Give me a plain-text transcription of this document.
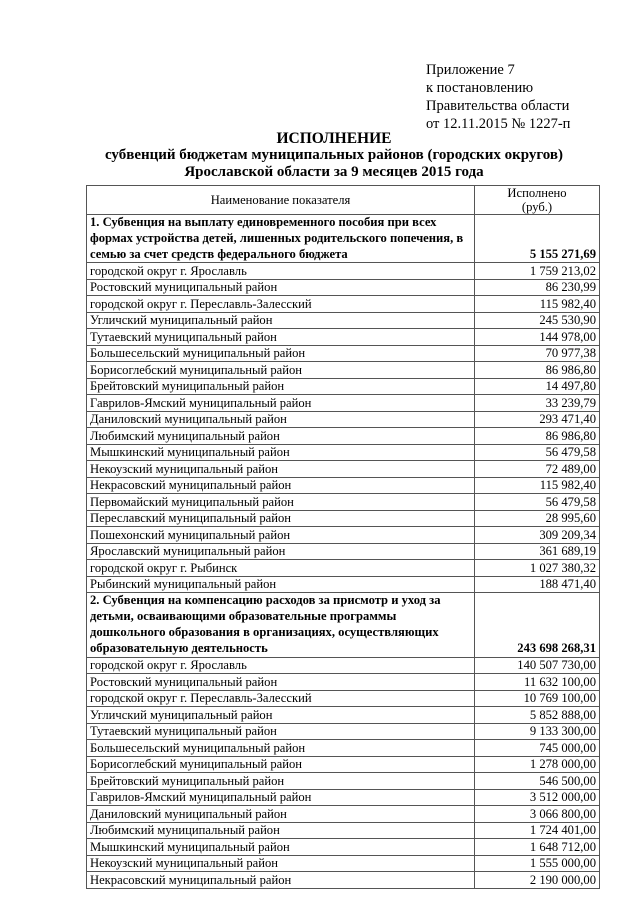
Приложение 7
к постановлению
Правительства области
от 12.11.2015 № 1227-п
ИСПОЛНЕНИЕ
субвенций бюджетам муниципальных районов (городских округов)
Ярославской области за 9 месяцев 2015 года
Наименование показателя	Исполнено
(руб.)
1. Субвенция на выплату единовременного пособия при всех формах устройства детей, лишенных родительского попечения, в семью за счет средств федерального бюджета	5 155 271,69
городской округ г. Ярославль	1 759 213,02
Ростовский муниципальный район	86 230,99
городской округ г. Переславль-Залесский	115 982,40
Угличский муниципальный район	245 530,90
Тутаевский муниципальный район	144 978,00
Большесельский муниципальный район	70 977,38
Борисоглебский муниципальный район	86 986,80
Брейтовский муниципальный район	14 497,80
Гаврилов-Ямский муниципальный район	33 239,79
Даниловский муниципальный район	293 471,40
Любимский муниципальный район	86 986,80
Мышкинский муниципальный район	56 479,58
Некоузский муниципальный район	72 489,00
Некрасовский муниципальный район	115 982,40
Первомайский муниципальный район	56 479,58
Переславский муниципальный район	28 995,60
Пошехонский муниципальный район	309 209,34
Ярославский муниципальный район	361 689,19
городской округ г. Рыбинск	1 027 380,32
Рыбинский муниципальный район	188 471,40
2. Субвенция на компенсацию расходов за присмотр и уход за детьми, осваивающими образовательные программы дошкольного образования в организациях, осуществляющих образовательную деятельность	243 698 268,31
городской округ г. Ярославль	140 507 730,00
Ростовский муниципальный район	11 632 100,00
городской округ г. Переславль-Залесский	10 769 100,00
Угличский муниципальный район	5 852 888,00
Тутаевский муниципальный район	9 133 300,00
Большесельский муниципальный район	745 000,00
Борисоглебский муниципальный район	1 278 000,00
Брейтовский муниципальный район	546 500,00
Гаврилов-Ямский муниципальный район	3 512 000,00
Даниловский муниципальный район	3 066 800,00
Любимский муниципальный район	1 724 401,00
Мышкинский муниципальный район	1 648 712,00
Некоузский муниципальный район	1 555 000,00
Некрасовский муниципальный район	2 190 000,00
